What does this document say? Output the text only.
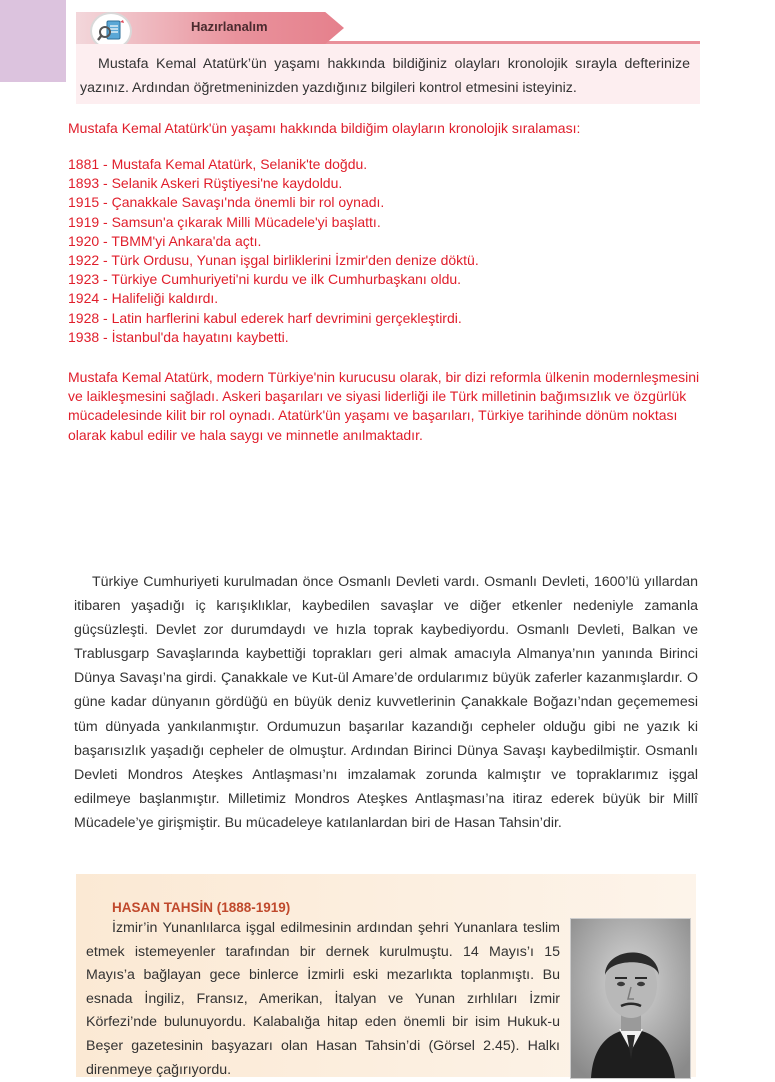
Hazırlanalım
Mustafa Kemal Atatürk’ün yaşamı hakkında bildiğiniz olayları kronolojik sırayla defterinize yazınız. Ardından öğretmeninizden yazdığınız bilgileri kontrol etmesini isteyiniz.
Mustafa Kemal Atatürk'ün yaşamı hakkında bildiğim olayların kronolojik sıralaması:
1881 - Mustafa Kemal Atatürk, Selanik'te doğdu.
1893 - Selanik Askeri Rüştiyesi'ne kaydoldu.
1915 - Çanakkale Savaşı'nda önemli bir rol oynadı.
1919 - Samsun'a çıkarak Milli Mücadele'yi başlattı.
1920 - TBMM'yi Ankara'da açtı.
1922 - Türk Ordusu, Yunan işgal birliklerini İzmir'den denize döktü.
1923 - Türkiye Cumhuriyeti'ni kurdu ve ilk Cumhurbaşkanı oldu.
1924 - Halifeliği kaldırdı.
1928 - Latin harflerini kabul ederek harf devrimini gerçekleştirdi.
1938 - İstanbul'da hayatını kaybetti.
Mustafa Kemal Atatürk, modern Türkiye'nin kurucusu olarak, bir dizi reformla ülkenin modernleşmesini ve laikleşmesini sağladı. Askeri başarıları ve siyasi liderliği ile Türk milletinin bağımsızlık ve özgürlük mücadelesinde kilit bir rol oynadı. Atatürk'ün yaşamı ve başarıları, Türkiye tarihinde dönüm noktası olarak kabul edilir ve hala saygı ve minnetle anılmaktadır.
Türkiye Cumhuriyeti kurulmadan önce Osmanlı Devleti vardı. Osmanlı Devleti, 1600’lü yıllardan itibaren yaşadığı iç karışıklıklar, kaybedilen savaşlar ve diğer etkenler nedeniyle zamanla güçsüzleşti. Devlet zor durumdaydı ve hızla toprak kaybediyordu. Osmanlı Devleti, Balkan ve Trablusgarp Savaşlarında kaybettiği toprakları geri almak amacıyla Almanya’nın yanında Birinci Dünya Savaşı’na girdi. Çanakkale ve Kut-ül Amare’de ordularımız büyük zaferler kazanmışlardır. O güne kadar dünyanın gördüğü en büyük deniz kuvvetlerinin Çanakkale Boğazı’ndan geçememesi tüm dünyada yankılanmıştır. Ordumuzun başarılar kazandığı cepheler olduğu gibi ne yazık ki başarısızlık yaşadığı cepheler de olmuştur. Ardından Birinci Dünya Savaşı kaybedilmiştir. Osmanlı Devleti Mondros Ateşkes Antlaşması’nı imzalamak zorunda kalmıştır ve topraklarımız işgal edilmeye başlanmıştır. Milletimiz Mondros Ateşkes Antlaşması’na itiraz ederek büyük bir Millî Mücadele’ye girişmiştir. Bu mücadeleye katılanlardan biri de Hasan Tahsin’dir.
HASAN TAHSİN (1888-1919)
İzmir’in Yunanlılarca işgal edilmesinin ardından şehri Yunanlara teslim etmek istemeyenler tarafından bir dernek kurulmuştu. 14 Mayıs’ı 15 Mayıs’a bağlayan gece binlerce İzmirli eski mezarlıkta toplanmıştı. Bu esnada İngiliz, Fransız, Amerikan, İtalyan ve Yunan zırhlıları İzmir Körfezi’nde bulunuyordu. Kalabalığa hitap eden önemli bir isim Hukuk-u Beşer gazetesinin başyazarı olan Hasan Tahsin’di (Görsel 2.45). Halkı direnmeye çağırıyordu.
